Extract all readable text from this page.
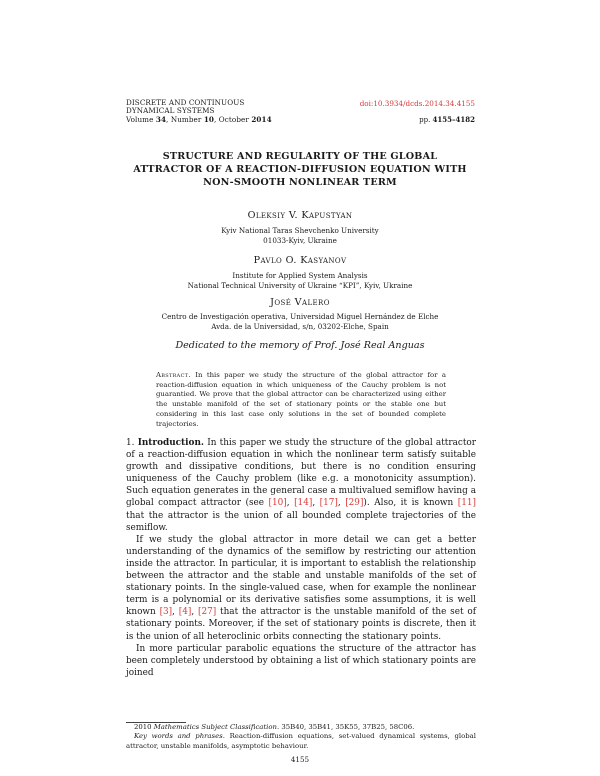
DISCRETE AND CONTINUOUS
DYNAMICAL SYSTEMS
Volume 34, Number 10, October 2014
doi:10.3934/dcds.2014.34.4155
pp. 4155–4182
STRUCTURE AND REGULARITY OF THE GLOBAL
ATTRACTOR OF A REACTION-DIFFUSION EQUATION WITH
NON-SMOOTH NONLINEAR TERM
Oleksiy V. Kapustyan
Kyiv National Taras Shevchenko University
01033-Kyiv, Ukraine
Pavlo O. Kasyanov
Institute for Applied System Analysis
National Technical University of Ukraine “KPI”, Kyiv, Ukraine
José Valero
Centro de Investigación operativa, Universidad Miguel Hernández de Elche
Avda. de la Universidad, s/n, 03202-Elche, Spain
Dedicated to the memory of Prof. José Real Anguas
Abstract. In this paper we study the structure of the global attractor for a reaction-diffusion equation in which uniqueness of the Cauchy problem is not guarantied. We prove that the global attractor can be characterized using either the unstable manifold of the set of stationary points or the stable one but considering in this last case only solutions in the set of bounded complete trajectories.

1. Introduction. In this paper we study the structure of the global attractor of a reaction-diffusion equation in which the nonlinear term satisfy suitable growth and dissipative conditions, but there is no condition ensuring uniqueness of the Cauchy problem (like e.g. a monotonicity assumption). Such equation generates in the general case a multivalued semiflow having a global compact attractor (see [10], [14], [17], [29]). Also, it is known [11] that the attractor is the union of all bounded complete trajectories of the semiflow.

If we study the global attractor in more detail we can get a better understanding of the dynamics of the semiflow by restricting our attention inside the attractor. In particular, it is important to establish the relationship between the attractor and the stable and unstable manifolds of the set of stationary points. In the single-valued case, when for example the nonlinear term is a polynomial or its derivative satisfies some assumptions, it is well known [3], [4], [27] that the attractor is the unstable manifold of the set of stationary points. Moreover, if the set of stationary points is discrete, then it is the union of all heteroclinic orbits connecting the stationary points.

In more particular parabolic equations the structure of the attractor has been completely understood by obtaining a list of which stationary points are joined

2010 Mathematics Subject Classification. 35B40, 35B41, 35K55, 37B25, 58C06.

Key words and phrases. Reaction-diffusion equations, set-valued dynamical systems, global attractor, unstable manifolds, asymptotic behaviour.

4155
